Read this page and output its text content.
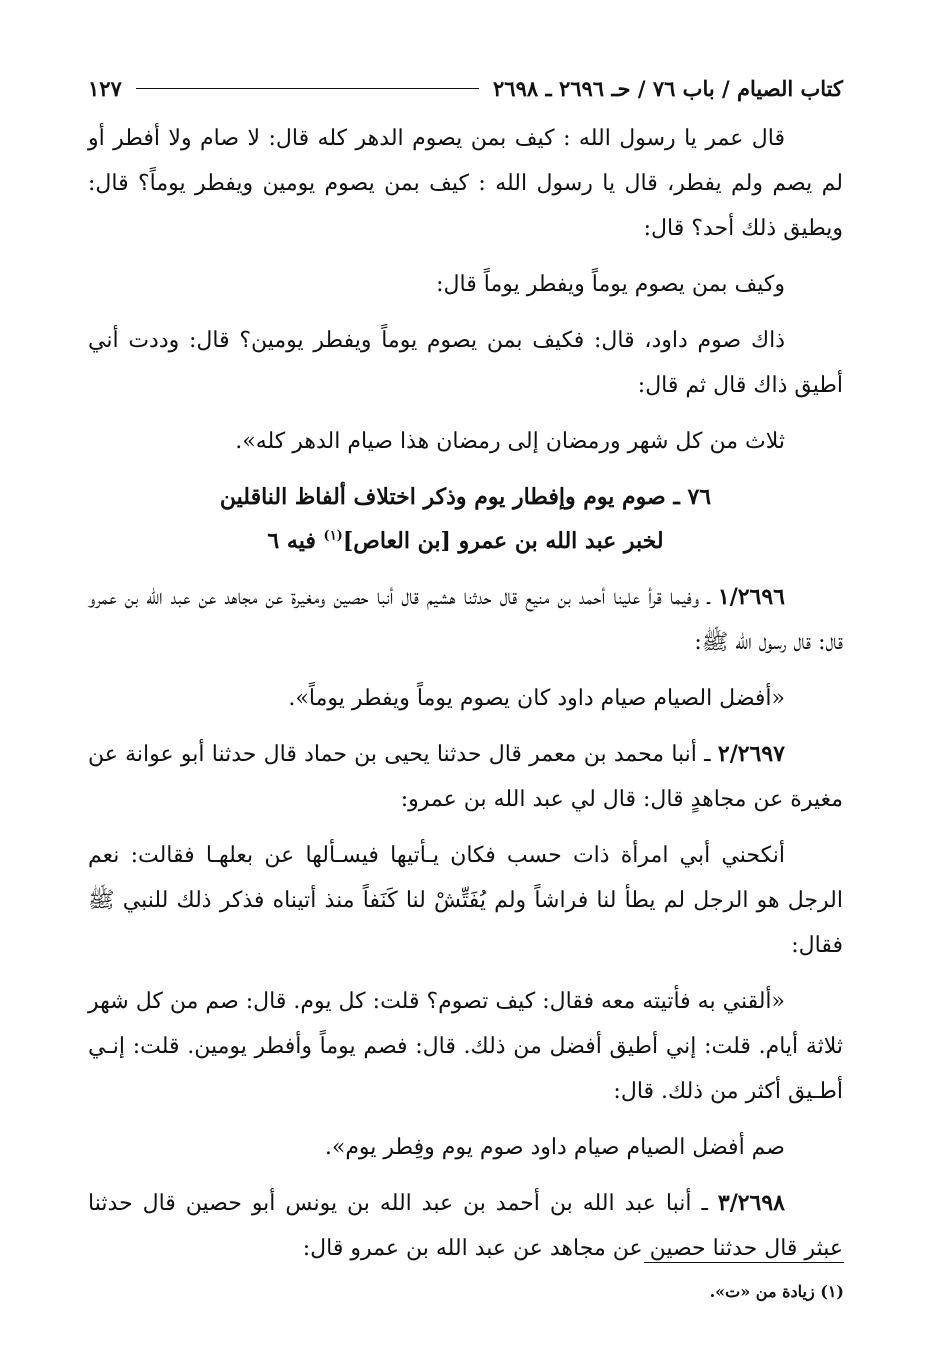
كتاب الصيام / باب ٧٦ / حـ ٢٦٩٦ ـ ٢٦٩٨
١٢٧

قال عمر يا رسول الله : كيف بمن يصوم الدهر كله قال: لا صام ولا أفطر أو لم يصم ولم يفطر، قال يا رسول الله : كيف بمن يصوم يومين ويفطر يوماً؟ قال: ويطيق ذلك أحد؟ قال:

وكيف بمن يصوم يوماً ويفطر يوماً قال:

ذاك صوم داود، قال: فكيف بمن يصوم يوماً ويفطر يومين؟ قال: وددت أني أطيق ذاك قال ثم قال:

ثلاث من كل شهر ورمضان إلى رمضان هذا صيام الدهر كله».

٧٦ ـ صوم يوم وإفطار يوم وذكر اختلاف ألفاظ الناقلين
لخبر عبد الله بن عمرو [بن العاص]$^{(١)}$ فيه ٦

١/٢٦٩٦ ـ وفيما قرأ علينا أحمد بن منيع قال حدثنا هشيم قال أنبا حصين ومغيرة عن مجاهد عن عبد الله بن عمرو قال: قال رسول الله ﷺ:

«أفضل الصيام صيام داود كان يصوم يوماً ويفطر يوماً».

٢/٢٦٩٧ ـ أنبا محمد بن معمر قال حدثنا يحيى بن حماد قال حدثنا أبو عوانة عن مغيرة عن مجاهدٍ قال: قال لي عبد الله بن عمرو:

أنكحني أبي امرأة ذات حسب فكان يـأتيها فيسـألها عن بعلهـا فقالت: نعم الرجل هو الرجل لم يطأ لنا فراشاً ولم يُفَتِّشْ لنا كَنَفاً منذ أتيناه فذكر ذلك للنبي ﷺ فقال:

«ألقني به فأتيته معه فقال: كيف تصوم؟ قلت: كل يوم. قال: صم من كل شهر ثلاثة أيام. قلت: إني أطيق أفضل من ذلك. قال: فصم يوماً وأفطر يومين. قلت: إنـي أطـيق أكثر من ذلك. قال:

صم أفضل الصيام صيام داود صوم يوم وفِطر يوم».

٣/٢٦٩٨ ـ أنبا عبد الله بن أحمد بن عبد الله بن يونس أبو حصين قال حدثنا عبثر قال حدثنا حصين عن مجاهد عن عبد الله بن عمرو قال:

(١) زيادة من «ت».
